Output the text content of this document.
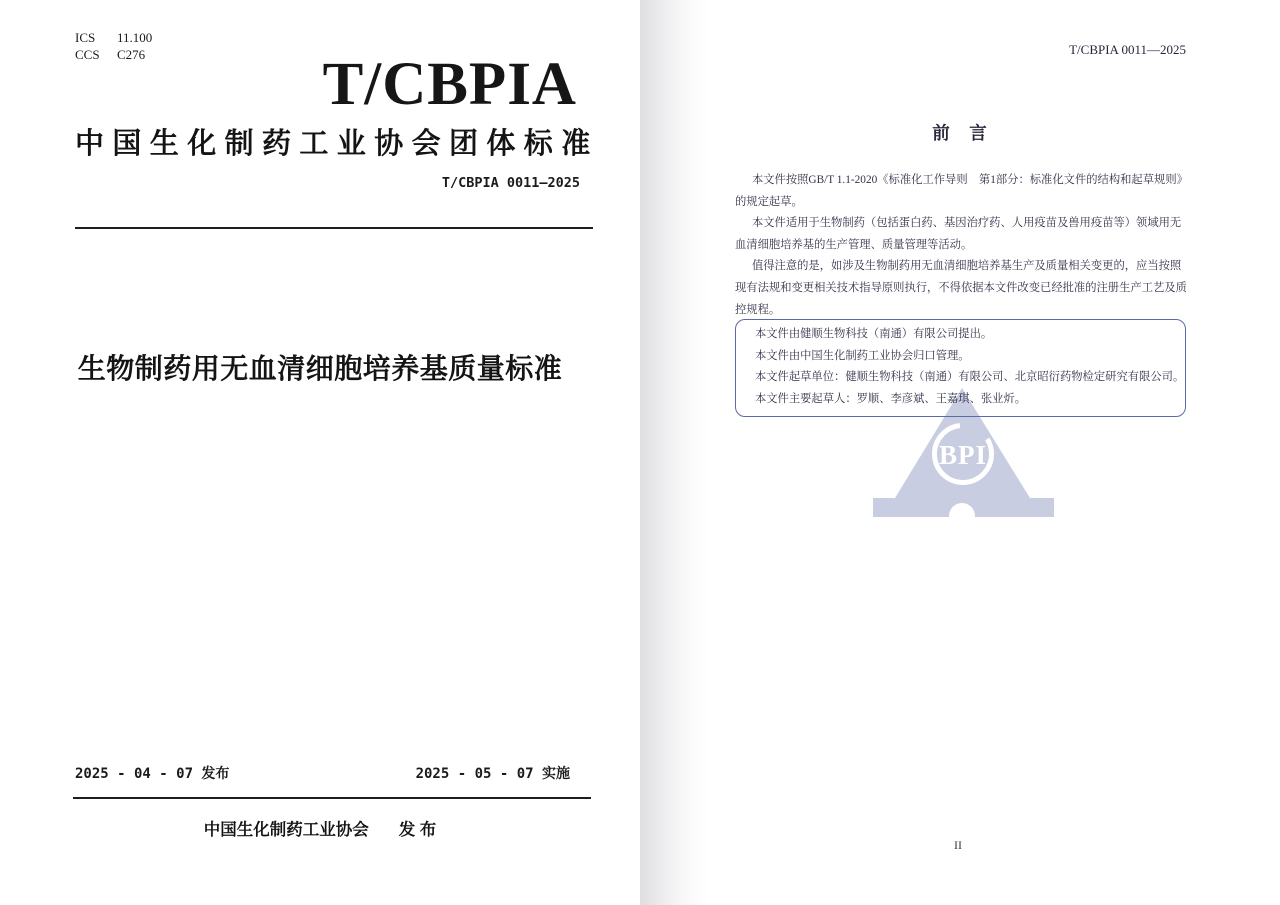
ICS 11.100
CCS C276	T/CBPIA
中国生化制药工业协会团体标准
T/CBPIA 0011—2025
生物制药用无血清细胞培养基质量标准
2025 - 04 - 07 发布	2025 - 05 - 07 实施
中国生化制药工业协会 发 布
T/CBPIA 0011—2025
BPI
前　言
本文件按照GB/T 1.1-2020《标准化工作导则　第1部分：标准化文件的结构和起草规则》
的规定起草。
本文件适用于生物制药（包括蛋白药、基因治疗药、人用疫苗及兽用疫苗等）领域用无
血清细胞培养基的生产管理、质量管理等活动。
值得注意的是，如涉及生物制药用无血清细胞培养基生产及质量相关变更的，应当按照
现有法规和变更相关技术指导原则执行，不得依据本文件改变已经批准的注册生产工艺及质
控规程。
本文件由健顺生物科技（南通）有限公司提出。
本文件由中国生化制药工业协会归口管理。
本文件起草单位：健顺生物科技（南通）有限公司、北京昭衍药物检定研究有限公司。
本文件主要起草人：罗顺、李彦斌、王嘉琪、张业炘。
II
